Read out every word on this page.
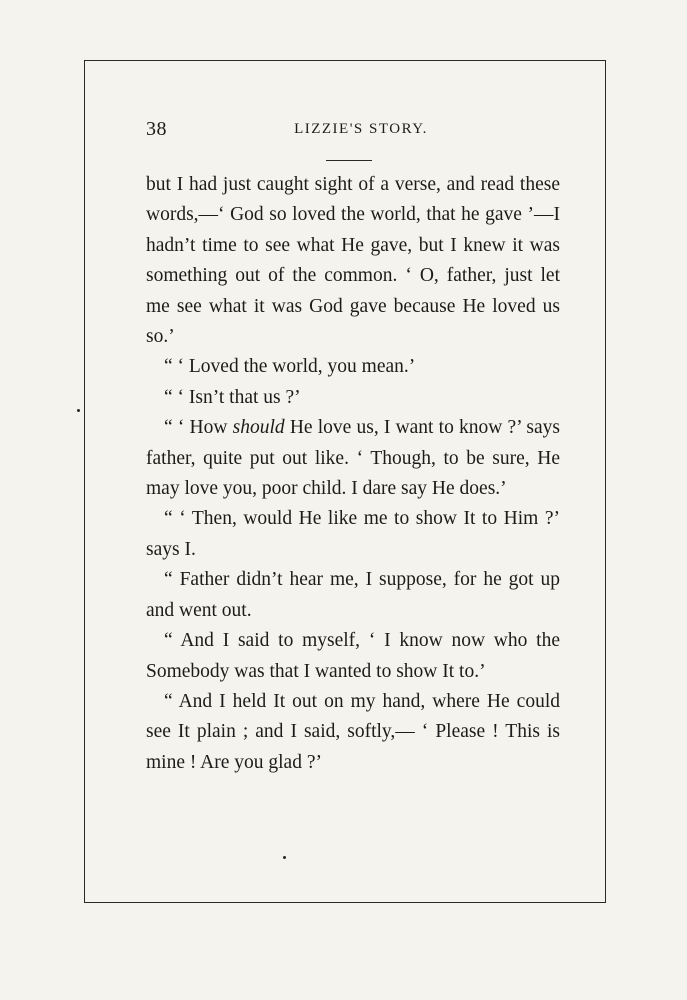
38	LIZZIE'S STORY.

but I had just caught sight of a verse, and read these words,—‘ God so loved the world, that he gave ’—I hadn’t time to see what He gave, but I knew it was something out of the common. ‘ O, father, just let me see what it was God gave because He loved us so.’

“ ‘ Loved the world, you mean.’

“ ‘ Isn’t that us ?’

“ ‘ How should He love us, I want to know ?’ says father, quite put out like. ‘ Though, to be sure, He may love you, poor child. I dare say He does.’

“ ‘ Then, would He like me to show It to Him ?’ says I.

“ Father didn’t hear me, I suppose, for he got up and went out.

“ And I said to myself, ‘ I know now who the Somebody was that I wanted to show It to.’

“ And I held It out on my hand, where He could see It plain ; and I said, softly,— ‘ Please ! This is mine ! Are you glad ?’
